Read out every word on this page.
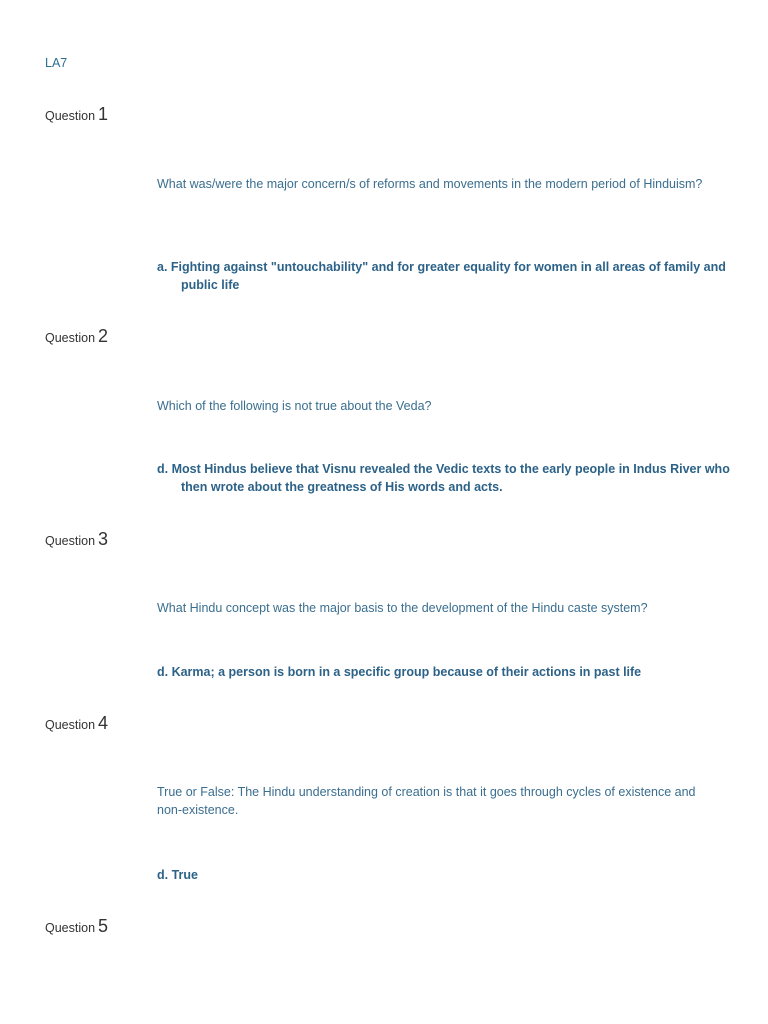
LA7
Question 1

What was/were the major concern/s of reforms and movements in the modern period of Hinduism?

a. Fighting against "untouchability" and for greater equality for women in all areas of family and public life

Question 2

Which of the following is not true about the Veda?

d. Most Hindus believe that Visnu revealed the Vedic texts to the early people in Indus River who then wrote about the greatness of His words and acts.

Question 3

What Hindu concept was the major basis to the development of the Hindu caste system?

d. Karma; a person is born in a specific group because of their actions in past life

Question 4

True or False: The Hindu understanding of creation is that it goes through cycles of existence and non-existence.

d. True

Question 5
